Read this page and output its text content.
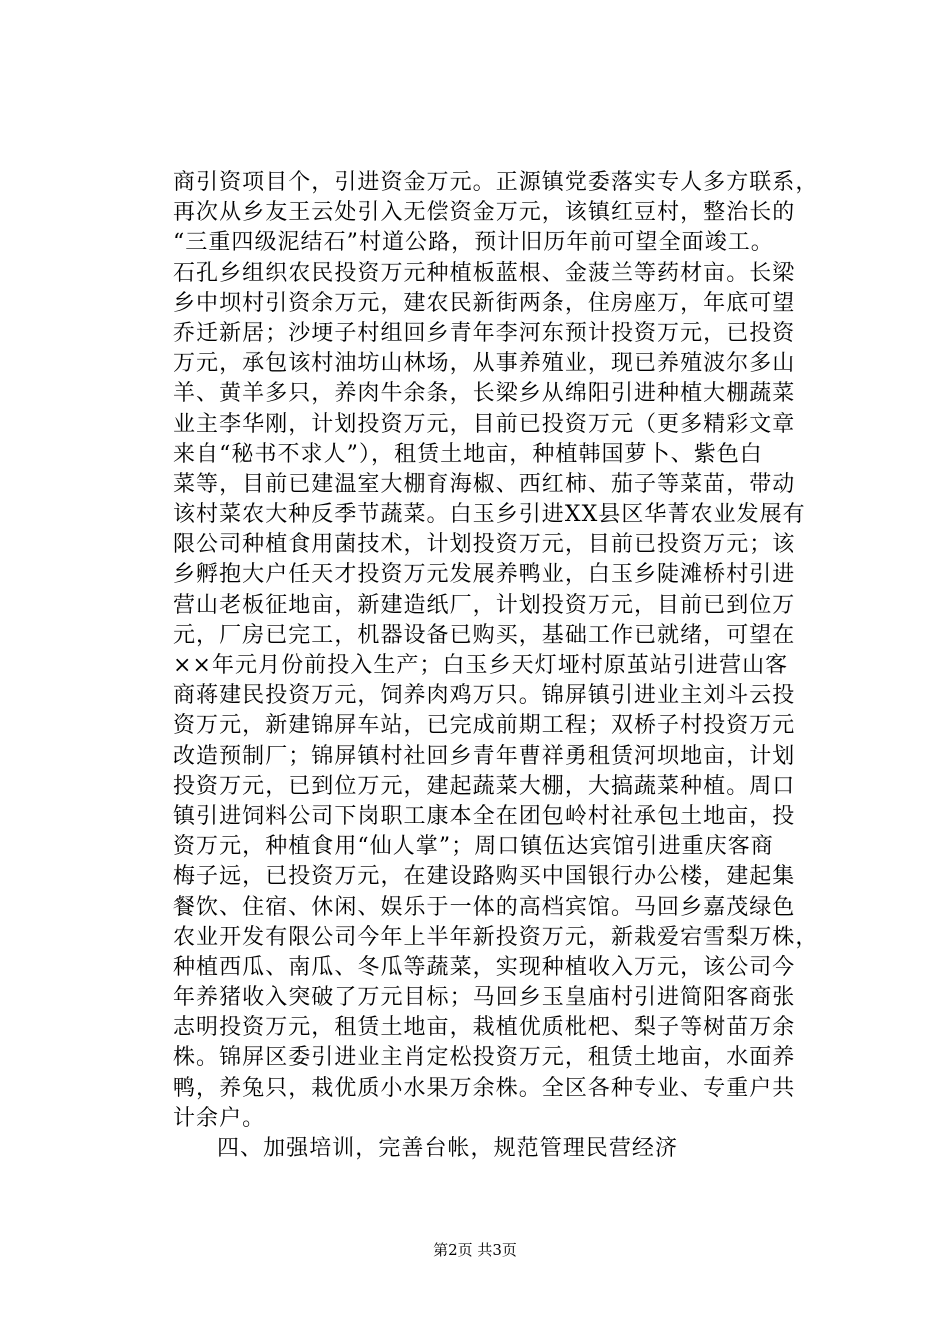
商引资项目个，引进资金万元。正源镇党委落实专人多方联系，
再次从乡友王云处引入无偿资金万元，该镇红豆村，整治长的
“三重四级泥结石”村道公路，预计旧历年前可望全面竣工。
石孔乡组织农民投资万元种植板蓝根、金菠兰等药材亩。长梁
乡中坝村引资余万元，建农民新街两条，住房座万，年底可望
乔迁新居；沙埂子村组回乡青年李河东预计投资万元，已投资
万元，承包该村油坊山林场，从事养殖业，现已养殖波尔多山
羊、黄羊多只，养肉牛余条，长梁乡从绵阳引进种植大棚蔬菜
业主李华刚，计划投资万元，目前已投资万元（更多精彩文章
来自“秘书不求人”），租赁土地亩，种植韩国萝卜、紫色白
菜等，目前已建温室大棚育海椒、西红柿、茄子等菜苗，带动
该村菜农大种反季节蔬菜。白玉乡引进XX县区华菁农业发展有
限公司种植食用菌技术，计划投资万元，目前已投资万元；该
乡孵抱大户任天才投资万元发展养鸭业，白玉乡陡滩桥村引进
营山老板征地亩，新建造纸厂，计划投资万元，目前已到位万
元，厂房已完工，机器设备已购买，基础工作已就绪，可望在
××年元月份前投入生产；白玉乡天灯垭村原茧站引进营山客
商蒋建民投资万元，饲养肉鸡万只。锦屏镇引进业主刘斗云投
资万元，新建锦屏车站，已完成前期工程；双桥子村投资万元
改造预制厂；锦屏镇村社回乡青年曹祥勇租赁河坝地亩，计划
投资万元，已到位万元，建起蔬菜大棚，大搞蔬菜种植。周口
镇引进饲料公司下岗职工康本全在团包岭村社承包土地亩，投
资万元，种植食用“仙人掌”；周口镇伍达宾馆引进重庆客商
梅子远，已投资万元，在建设路购买中国银行办公楼，建起集
餐饮、住宿、休闲、娱乐于一体的高档宾馆。马回乡嘉茂绿色
农业开发有限公司今年上半年新投资万元，新栽爱宕雪梨万株，
种植西瓜、南瓜、冬瓜等蔬菜，实现种植收入万元，该公司今
年养猪收入突破了万元目标；马回乡玉皇庙村引进简阳客商张
志明投资万元，租赁土地亩，栽植优质枇杷、梨子等树苗万余
株。锦屏区委引进业主肖定松投资万元，租赁土地亩，水面养
鸭，养兔只，栽优质小水果万余株。全区各种专业、专重户共
计余户。
四、加强培训，完善台帐，规范管理民营经济
第2页 共3页
